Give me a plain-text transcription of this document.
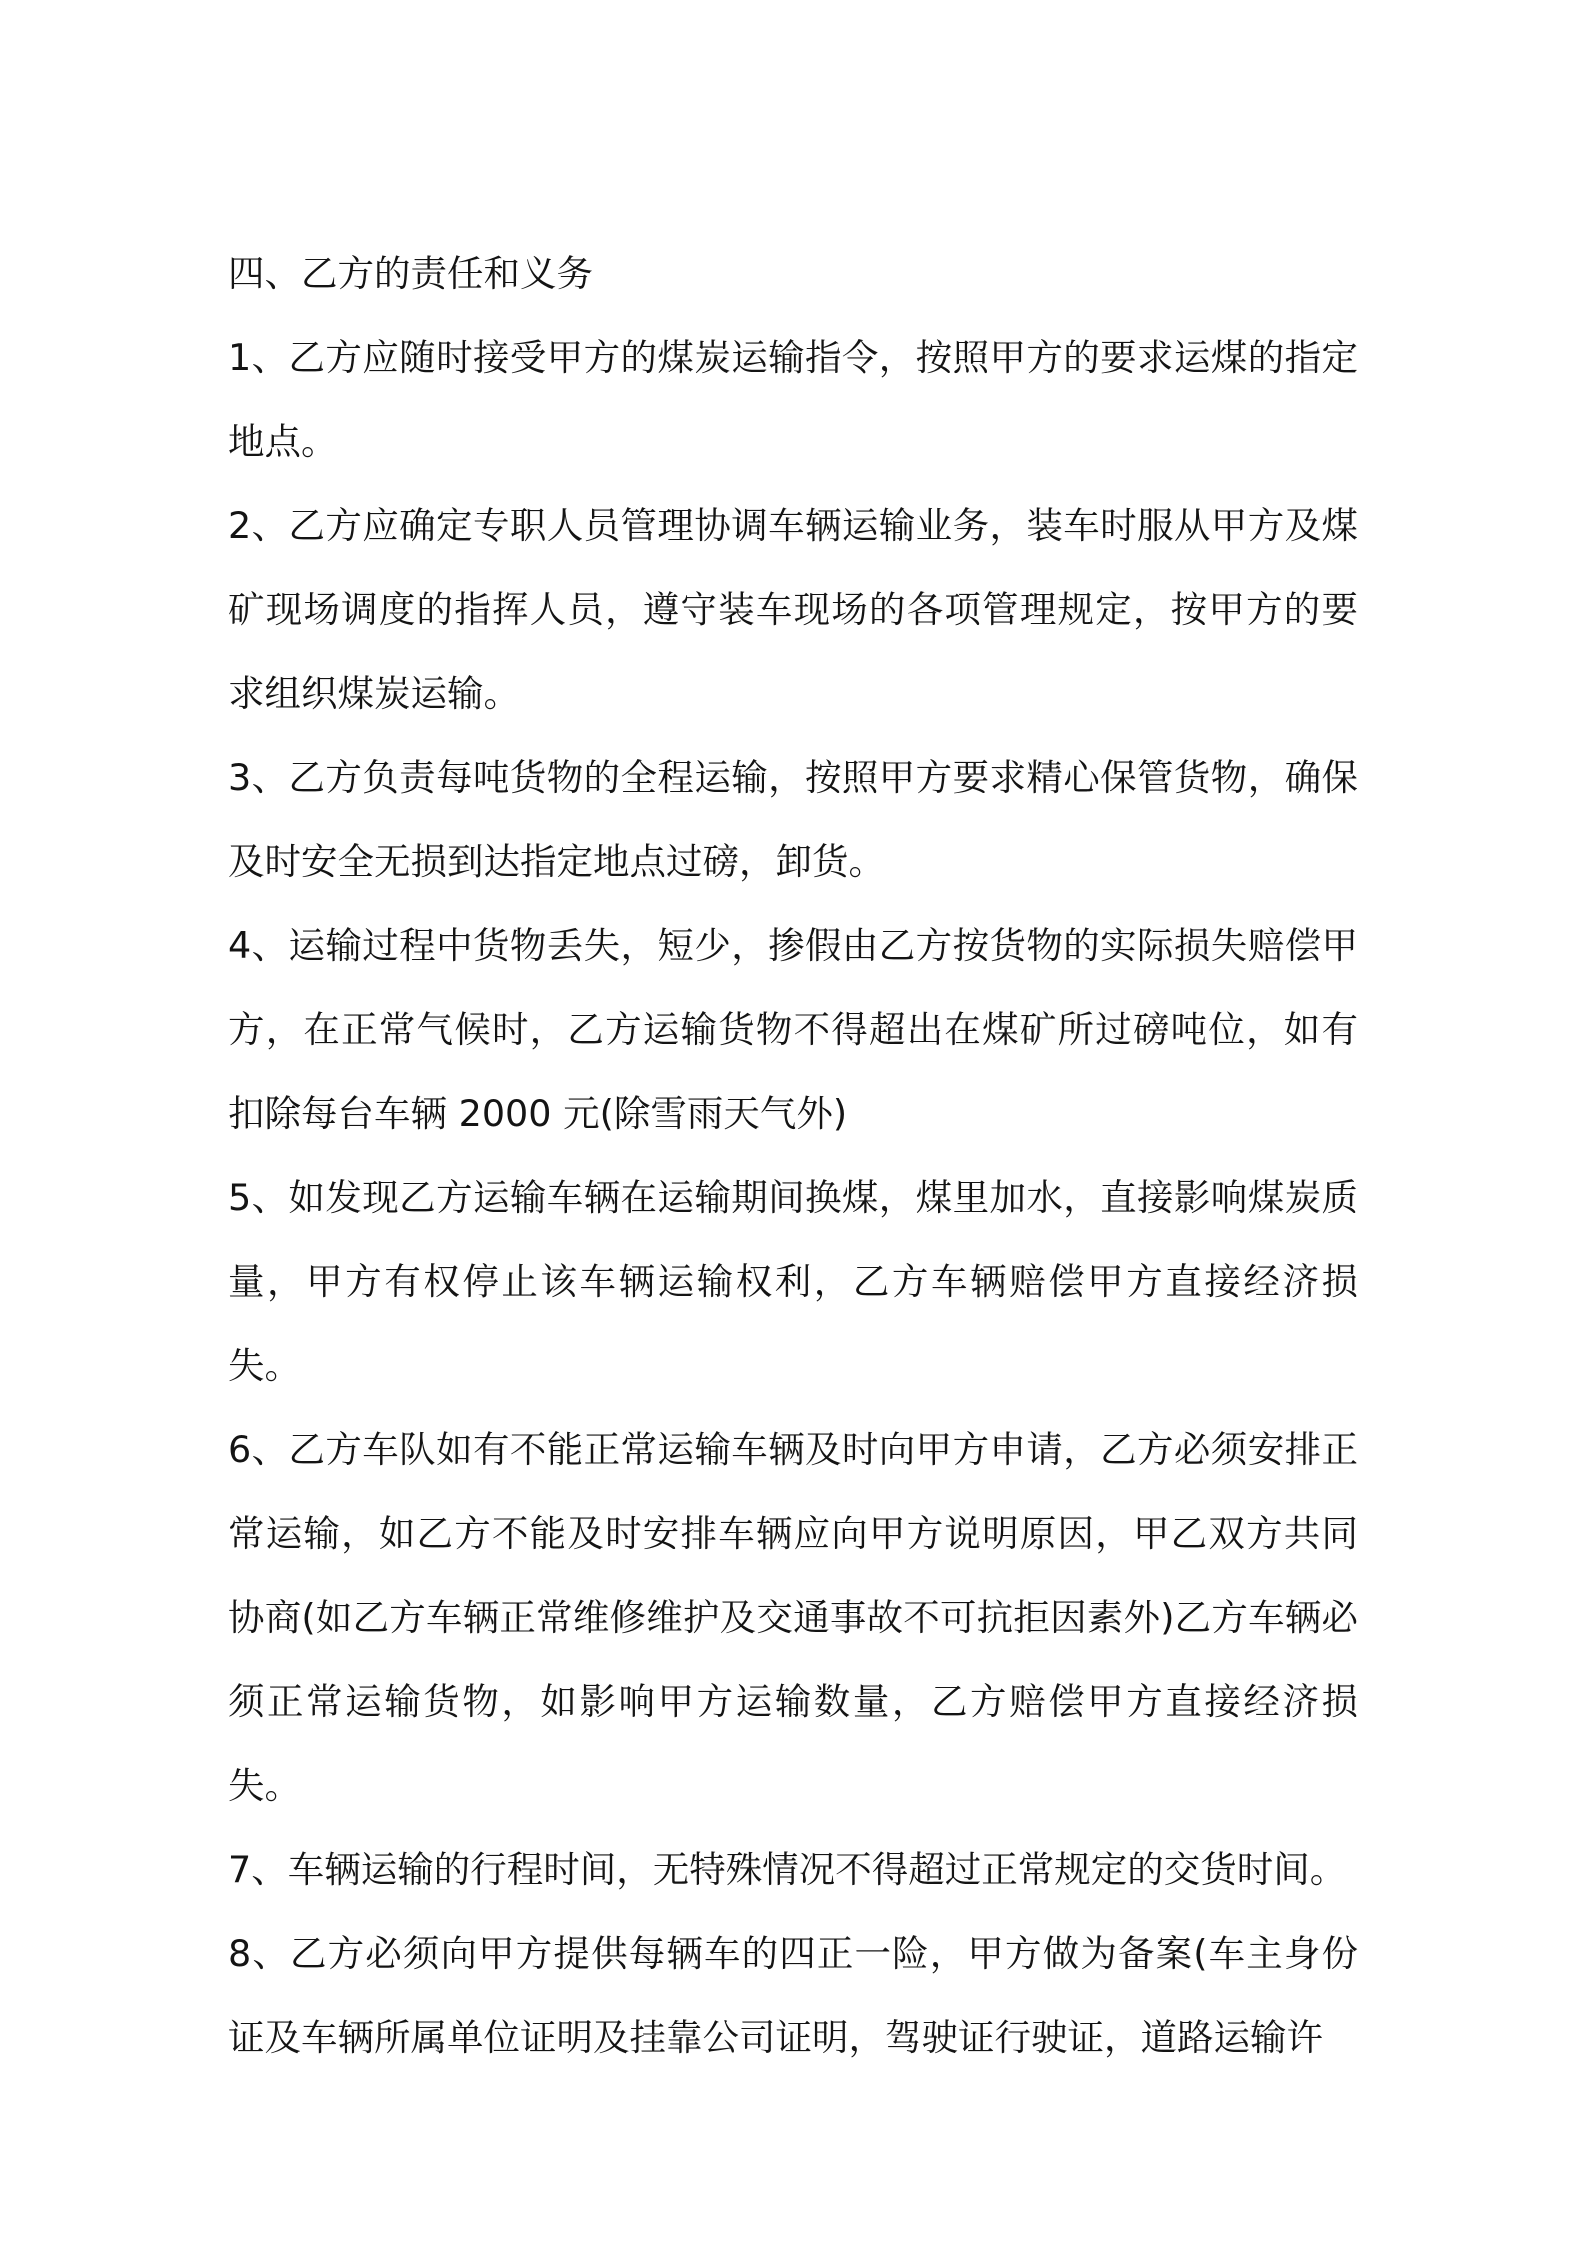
四、乙方的责任和义务

1、乙方应随时接受甲方的煤炭运输指令，按照甲方的要求运煤的指定地点。

2、乙方应确定专职人员管理协调车辆运输业务，装车时服从甲方及煤矿现场调度的指挥人员，遵守装车现场的各项管理规定，按甲方的要求组织煤炭运输。

3、乙方负责每吨货物的全程运输，按照甲方要求精心保管货物，确保及时安全无损到达指定地点过磅，卸货。

4、运输过程中货物丢失，短少，掺假由乙方按货物的实际损失赔偿甲方，在正常气候时，乙方运输货物不得超出在煤矿所过磅吨位，如有扣除每台车辆 2000 元(除雪雨天气外)

5、如发现乙方运输车辆在运输期间换煤，煤里加水，直接影响煤炭质量，甲方有权停止该车辆运输权利，乙方车辆赔偿甲方直接经济损失。

6、乙方车队如有不能正常运输车辆及时向甲方申请，乙方必须安排正常运输，如乙方不能及时安排车辆应向甲方说明原因，甲乙双方共同协商(如乙方车辆正常维修维护及交通事故不可抗拒因素外)乙方车辆必须正常运输货物，如影响甲方运输数量，乙方赔偿甲方直接经济损失。

7、车辆运输的行程时间，无特殊情况不得超过正常规定的交货时间。

8、乙方必须向甲方提供每辆车的四正一险，甲方做为备案(车主身份证及车辆所属单位证明及挂靠公司证明，驾驶证行驶证，道路运输许
